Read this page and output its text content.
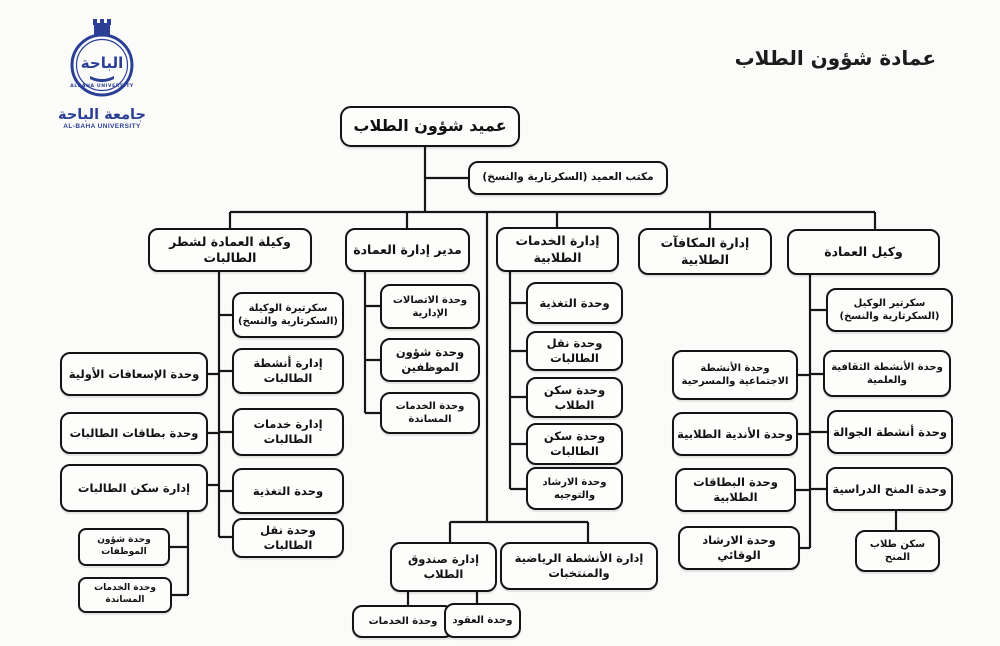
عمادة شؤون الطلاب
الباحة
ALBAHA UNIVERSITY
جامعة الباحة
AL-BAHA UNIVERSITY	عميد شؤون الطلاب
مكتب العميد (السكرتارية والنسخ)
وكيلة العمادة لشطر الطالبات
مدير إدارة العمادة
إدارة الخدمات الطلابية
إدارة المكافآت الطلابية
وكيل العمادة
وحدة الإسعافات الأولية
وحدة بطاقات الطالبات
إدارة سكن الطالبات
وحدة شؤون الموظفات
وحدة الخدمات المساندة
سكرتيرة الوكيلة (السكرتارية والنسخ)
إدارة أنشطة الطالبات
إدارة خدمات الطالبات
وحدة التغذية
وحدة نقل الطالبات
وحدة الاتصالات الإدارية
وحدة شؤون الموظفين
وحدة الخدمات المساندة
وحدة التغذية
وحدة نقل الطالبات
وحدة سكن الطلاب
وحدة سكن الطالبات
وحدة الارشاد والتوجيه
إدارة صندوق الطلاب
إدارة الأنشطة الرياضية والمنتخبات
وحدة الخدمات	وحدة العقود
وحدة الأنشطة الاجتماعية والمسرحية
وحدة الأندية الطلابية
وحدة البطاقات الطلابية
وحدة الارشاد الوقائي
سكرتير الوكيل (السكرتارية والنسخ)
وحدة الأنشطة الثقافية والعلمية
وحدة أنشطة الجوالة
وحدة المنح الدراسية
سكن طلاب المنح
